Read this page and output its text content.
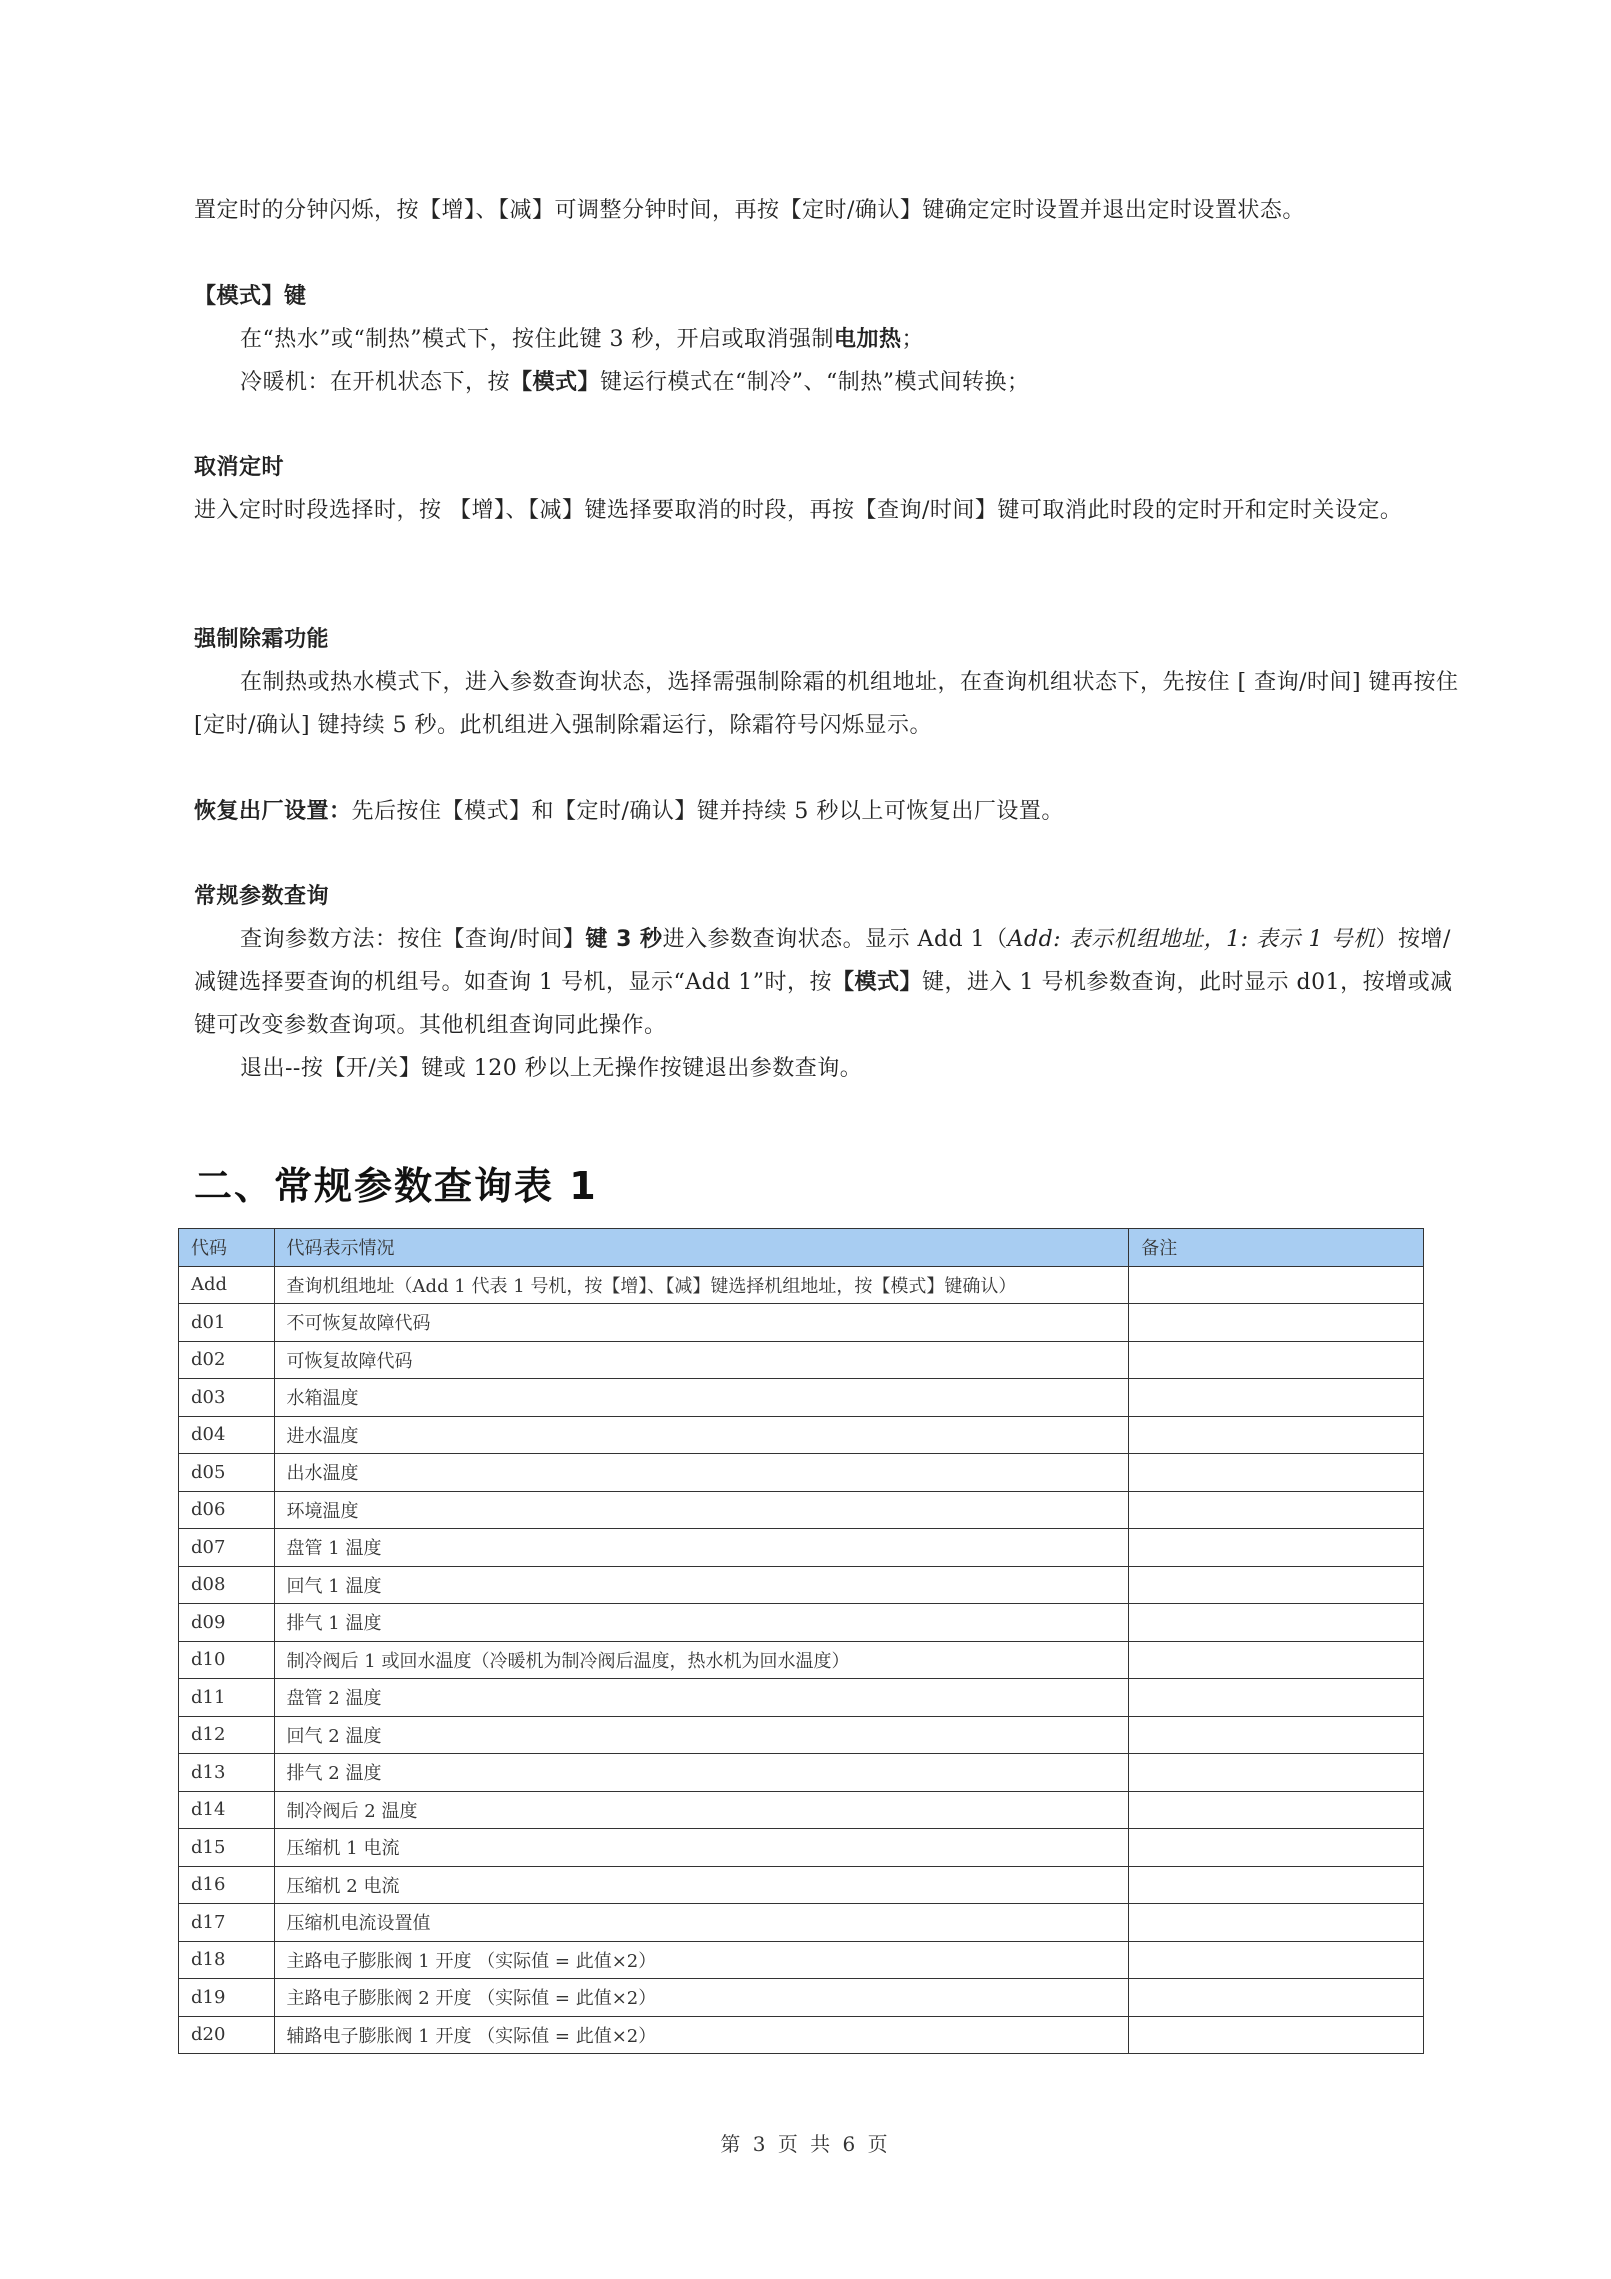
置定时的分钟闪烁，按【增】、【减】可调整分钟时间，再按【定时/确认】键确定定时设置并退出定时设置状态。
【模式】键
在“热水”或“制热”模式下，按住此键 3 秒，开启或取消强制电加热；
冷暖机：在开机状态下，按【模式】键运行模式在“制冷”、“制热”模式间转换；
取消定时
进入定时时段选择时，按 【增】、【减】键选择要取消的时段，再按【查询/时间】键可取消此时段的定时开和定时关设定。
强制除霜功能
在制热或热水模式下，进入参数查询状态，选择需强制除霜的机组地址，在查询机组状态下，先按住 [ 查询/时间] 键再按住[定时/确认] 键持续 5 秒。此机组进入强制除霜运行，除霜符号闪烁显示。
恢复出厂设置：先后按住【模式】和【定时/确认】键并持续 5 秒以上可恢复出厂设置。
常规参数查询
查询参数方法：按住【查询/时间】键 3 秒进入参数查询状态。显示 Add 1（Add: 表示机组地址，1: 表示 1 号机）按增/减键选择要查询的机组号。如查询 1 号机，显示“Add 1”时，按【模式】键，进入 1 号机参数查询，此时显示 d01，按增或减键可改变参数查询项。其他机组查询同此操作。
退出--按【开/关】键或 120 秒以上无操作按键退出参数查询。
二、常规参数查询表 1
代码	代码表示情况	备注
Add	查询机组地址（Add 1 代表 1 号机，按【增】、【减】键选择机组地址，按【模式】键确认）	
d01	不可恢复故障代码	
d02	可恢复故障代码	
d03	水箱温度	
d04	进水温度	
d05	出水温度	
d06	环境温度	
d07	盘管 1 温度	
d08	回气 1 温度	
d09	排气 1 温度	
d10	制冷阀后 1 或回水温度（冷暖机为制冷阀后温度，热水机为回水温度）	
d11	盘管 2 温度	
d12	回气 2 温度	
d13	排气 2 温度	
d14	制冷阀后 2 温度	
d15	压缩机 1 电流	
d16	压缩机 2 电流	
d17	压缩机电流设置值	
d18	主路电子膨胀阀 1 开度 （实际值 = 此值×2）	
d19	主路电子膨胀阀 2 开度 （实际值 = 此值×2）	
d20	辅路电子膨胀阀 1 开度 （实际值 = 此值×2）	
第 3 页 共 6 页
